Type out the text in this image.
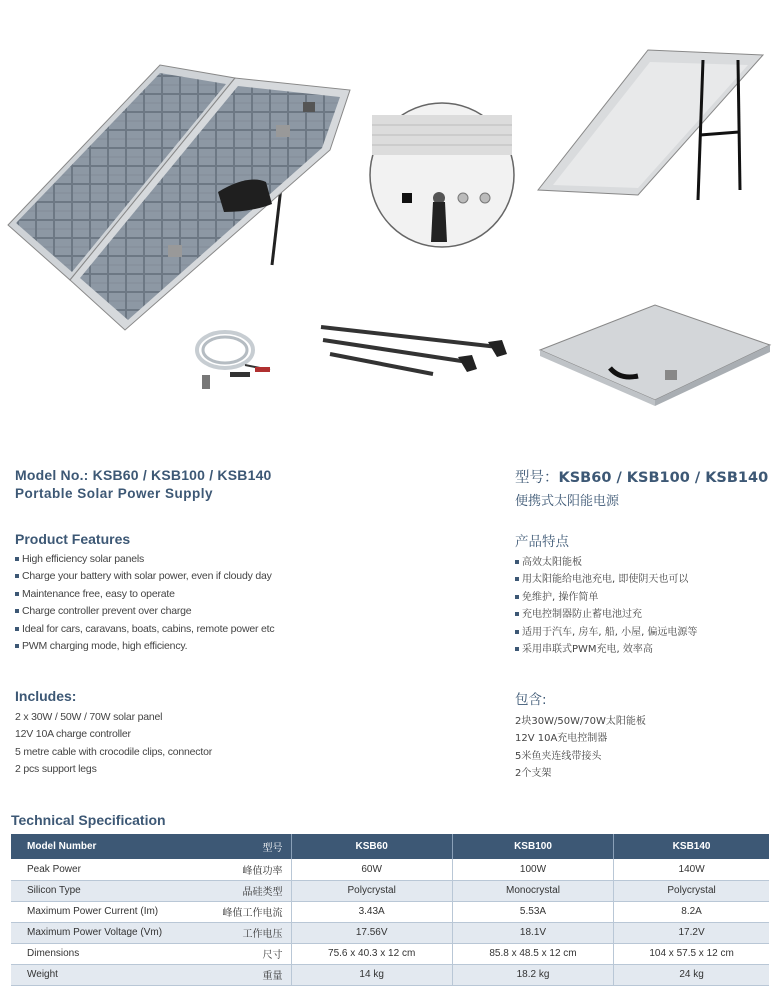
Model No.: KSB60 / KSB100 / KSB140
Portable Solar Power Supply
型号：KSB60 / KSB100 / KSB140
便携式太阳能电源
Product Features
High efficiency solar panels
Charge your battery with solar power, even if cloudy day
Maintenance free, easy to operate
Charge controller prevent over charge
Ideal for cars, caravans, boats, cabins, remote power etc
PWM charging mode, high efficiency.
产品特点
高效太阳能板
用太阳能给电池充电, 即使阴天也可以
免维护, 操作简单
充电控制器防止蓄电池过充
适用于汽车, 房车, 船, 小屋, 偏远电源等
采用串联式PWM充电, 效率高
Includes:
2 x 30W / 50W / 70W solar panel
12V 10A charge controller
5 metre cable with crocodile clips, connector
2 pcs support legs
包含:
2块30W/50W/70W太阳能板
12V 10A充电控制器
5米鱼夹连线带接头
2个支架
Technical Specification
Model Number	型号	KSB60	KSB100	KSB140
Peak Power	峰值功率	60W	100W	140W
Silicon Type	晶硅类型	Polycrystal	Monocrystal	Polycrystal
Maximum Power Current (Im)	峰值工作电流	3.43A	5.53A	8.2A
Maximum Power Voltage (Vm)	工作电压	17.56V	18.1V	17.2V
Dimensions	尺寸	75.6 x 40.3 x 12 cm	85.8 x 48.5 x 12 cm	104 x 57.5 x 12 cm
Weight	重量	14 kg	18.2 kg	24 kg
